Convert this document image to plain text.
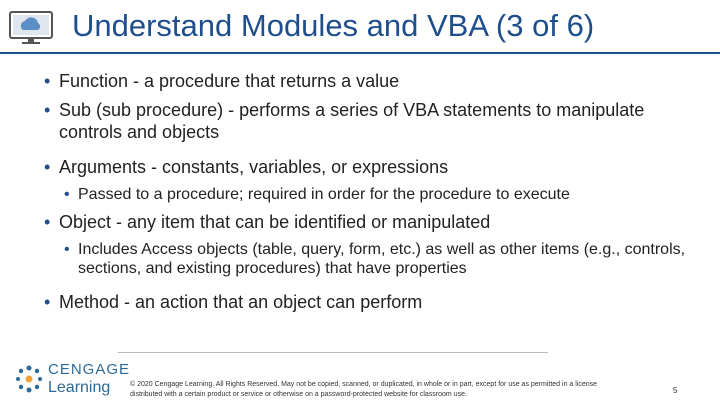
Understand Modules and VBA (3 of 6)
• Function - a procedure that returns a value
• Sub (sub procedure) - performs a series of VBA statements to manipulate controls and objects
• Arguments - constants, variables, or expressions
• Passed to a procedure; required in order for the procedure to execute
• Object - any item that can be identified or manipulated
• Includes Access objects (table, query, form, etc.) as well as other items (e.g., controls, sections, and existing procedures) that have properties
• Method - an action that an object can perform
CENGAGE
Learning	© 2020 Cengage Learning. All Rights Reserved. May not be copied, scanned, or duplicated, in whole or in part, except for use as permitted in a license distributed with a certain product or service or otherwise on a password-protected website for classroom use.	5
